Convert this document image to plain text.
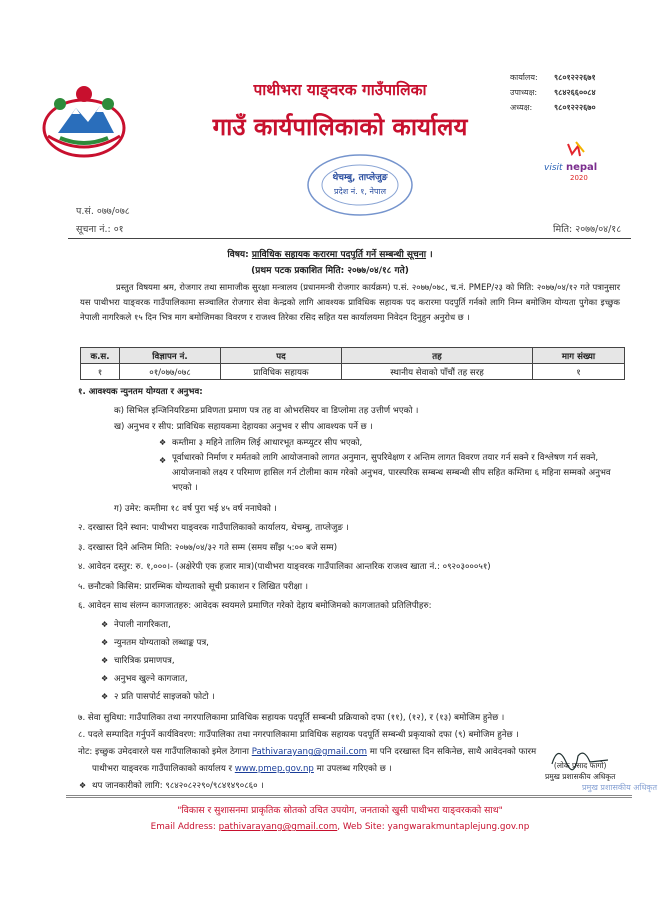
पाथीभरा याङ्वरक गाउँपालिका
गाउँ कार्यपालिकाको कार्यालय
कार्यालय: ९८०१२२२६७१
उपाध्यक्ष: ९८४२६६००८४
अध्यक्ष:	९८०१२२२६७०
थेचम्बु, ताप्लेजुङ
प्रदेश नं. १, नेपाल
visit nepal
2020
प.सं. ०७७/०७८
सूचना नं.: ०१	मिति: २०७७/०४/१८
विषय: प्राविधिक सहायक करारमा पदपुर्ति गर्ने सम्बन्धी सूचना ।
(प्रथम पटक प्रकाशित मिति: २०७७/०४/१८ गते)
प्रस्तुत विषयमा श्रम, रोजगार तथा सामाजीक सुरक्षा मन्त्रालय (प्रधानमन्त्री रोजगार कार्यक्रम) प.सं. २०७७/०७८, च.नं. PMEP/२३ को मिति: २०७७/०४/१२ गते पत्रानुसार यस पाथीभरा याङ्वरक गाउँपालिकामा सञ्चालित रोजगार सेवा केन्द्रको लागि आवश्यक प्राविधिक सहायक पद करारमा पदपुर्ति गर्नको लागि निम्न बमोजिम योग्यता पुगेका इच्छुक नेपाली नागरिकले १५ दिन भित्र माग बमोजिमका विवरण र राजश्व तिरेका रसिद सहित यस कार्यालयमा निवेदन दिनुहुन अनुरोध छ ।
क.स.	विज्ञापन नं.	पद	तह	माग संख्या
१	०१/०७७/०७८	प्राविधिक सहायक	स्थानीय सेवाको पाँचौं तह सरह	१
१. आवश्यक न्युनतम योग्यता र अनुभव:
क) सिभिल इन्जिनियरिङमा प्रविणता प्रमाण पत्र तह वा ओभरसियर वा डिप्लोमा तह उत्तीर्ण भएको ।
ख) अनुभव र सीप: प्राविधिक सहायकमा देहायका अनुभव र सीप आवश्यक पर्ने छ ।
❖ कम्तीमा ३ महिने तालिम लिई आधारभूत कम्प्युटर सीप भएको,
❖ पूर्वाधारको निर्माण र मर्मतको लागि आयोजनाको लागत अनुमान, सुपरिवेक्षण र अन्तिम लागत विवरण तयार गर्न सक्ने र विश्लेषण गर्न सक्ने, आयोजनाको लक्ष्य र परिमाण हासिल गर्न टोलीमा काम गरेको अनुभव, पारस्परिक सम्बन्ध सम्बन्धी सीप सहित कम्तिमा ६ महिना सम्मको अनुभव भएको ।
ग) उमेर: कम्तीमा १८ वर्ष पुरा भई ४५ वर्ष ननाघेको ।
२. दरखास्त दिने स्थान: पाथीभरा याङ्वरक गाउँपालिकाको कार्यालय, थेचम्बु, ताप्लेजुङ ।
३. दरखास्त दिने अन्तिम मिति: २०७७/०४/३२ गते सम्म (समय साँझ ५:०० बजे सम्म)
४. आवेदन दस्तुर: रु. १,०००।- (अक्षेरेपी एक हजार मात्र)(पाथीभरा याङ्वरक गाउँपालिका आन्तरिक राजश्व खाता नं.: ०९२०३०००५१)
५. छनौटको किसिम: प्रारम्भिक योग्यताको सूची प्रकाशन र लिखित परीक्षा ।
६. आवेदन साथ संलग्न कागजातहरु: आवेदक स्वयमले प्रमाणित गरेको देहाय बमोजिमको कागजातको प्रतिलिपीहरु:
❖ नेपाली नागरिकता,
❖ न्युनतम योग्यताको लब्धाङ्क पत्र,
❖ चारित्रिक प्रमाणपत्र,
❖ अनुभव खुल्ने कागजात,
❖ २ प्रति पासपोर्ट साइजको फोटो ।
७. सेवा सुविधा: गाउँपालिका तथा नगरपालिकामा प्राविधिक सहायक पदपूर्ति सम्बन्धी प्रक्रियाको दफा (११), (१२), र (१३) बमोजिम हुनेछ ।
८. पदले सम्पादित गर्नुपर्ने कार्यविवरण: गाउँपालिका तथा नगरपालिकामा प्राविधिक सहायक पदपूर्ति सम्बन्धी प्रकृयाको दफा (९) बमोजिम हुनेछ ।
नोट: इच्छुक उमेदवारले यस गाउँपालिकाको इमेल ठेगाना Pathivarayang@gmail.com मा पनि दरखास्त दिन सकिनेछ, साथै आवेदनको फारम
पाथीभरा याङ्वरक गाउँपालिकाको कार्यालय र www.pmep.gov.np मा उपलब्ध गरिएको छ ।
❖ थप जानकारीको लागि: ९८४२०८२२९०/९८४१४९०८६० ।
(लोक प्रसाद फागो)
प्रमुख प्रशासकीय अधिकृत
"विकास र सुशासनमा प्राकृतिक स्रोतको उचित उपयोग, जनताको खुसी पाथीभरा याङ्वरकको साथ"
प्रमुख प्रशासकीय अधिकृत
Email Address: pathivarayang@gmail.com, Web Site: yangwarakmuntaplejung.gov.np
